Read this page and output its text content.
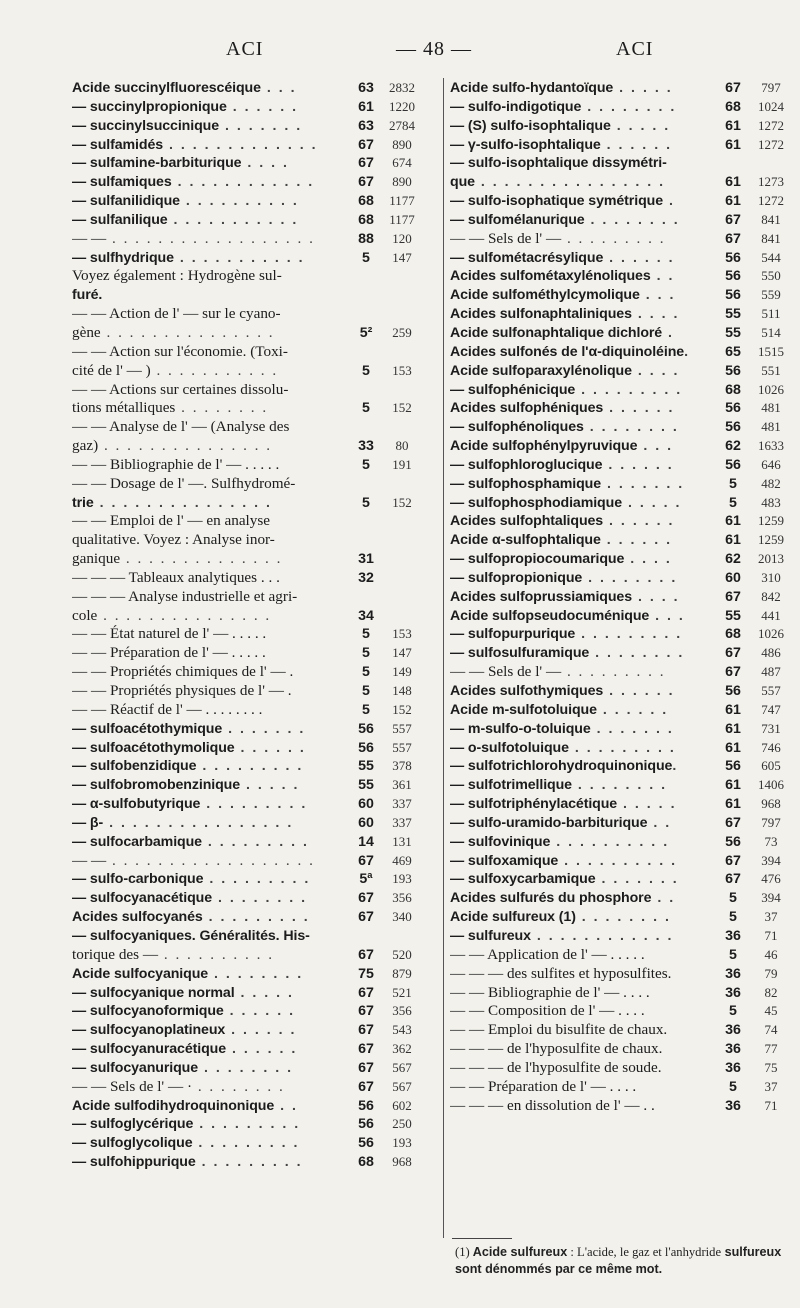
ACI	— 48 —	ACI
Acide succinylfluorescéique . . .	63	2832
— succinylpropionique . . . . . .	61	1220
— succinylsuccinique . . . . . . .	63	2784
— sulfamidés . . . . . . . . . . . . .	67	890
— sulfamine-barbiturique . . . .	67	674
— sulfamiques . . . . . . . . . . . .	67	890
— sulfanilidique . . . . . . . . . .	68	1177
— sulfanilique . . . . . . . . . . .	68	1177
— — . . . . . . . . . . . . . . . . . .	88	120
— sulfhydrique . . . . . . . . . . .	5	147
Voyez également : Hydrogène sul-
furé.
— — Action de l' — sur le cyano-
gène . . . . . . . . . . . . . . .	5²	259
— — Action sur l'économie. (Toxi-
cité de l' — ) . . . . . . . . . . .	5	153
— — Actions sur certaines dissolu-
tions métalliques . . . . . . . .	5	152
— — Analyse de l' — (Analyse des
gaz) . . . . . . . . . . . . . . .	33	80
— — Bibliographie de l' — . . . . .	5	191
— — Dosage de l' —. Sulfhydromé-
trie . . . . . . . . . . . . . . .	5	152
— — Emploi de l' — en analyse
qualitative. Voyez : Analyse inor-
ganique . . . . . . . . . . . . . .	31
— — — Tableaux analytiques . . .	32
— — — Analyse industrielle et agri-
cole . . . . . . . . . . . . . . .	34
— — État naturel de l' — . . . . .	5	153
— — Préparation de l' — . . . . .	5	147
— — Propriétés chimiques de l' — .	5	149
— — Propriétés physiques de l' — .	5	148
— — Réactif de l' — . . . . . . . .	5	152
— sulfoacétothymique . . . . . . .	56	557
— sulfoacétothymolique . . . . . .	56	557
— sulfobenzidique . . . . . . . . .	55	378
— sulfobromobenzinique . . . . .	55	361
— α-sulfobutyrique . . . . . . . . .	60	337
— β- . . . . . . . . . . . . . . . .	60	337
— sulfocarbamique . . . . . . . . .	14	131
— — . . . . . . . . . . . . . . . . . .	67	469
— sulfo-carbonique . . . . . . . . .	5ª	193
— sulfocyanacétique . . . . . . . .	67	356
Acides sulfocyanés . . . . . . . . .	67	340
— sulfocyaniques. Généralités. His-
torique des — . . . . . . . . . .	67	520
Acide sulfocyanique . . . . . . . .	75	879
— sulfocyanique normal . . . . .	67	521
— sulfocyanoformique . . . . . .	67	356
— sulfocyanoplatineux . . . . . .	67	543
— sulfocyanuracétique . . . . . .	67	362
— sulfocyanurique . . . . . . . .	67	567
— — Sels de l' — · . . . . . . . .	67	567
Acide sulfodihydroquinonique . .	56	602
— sulfoglycérique . . . . . . . . .	56	250
— sulfoglycolique . . . . . . . . .	56	193
— sulfohippurique . . . . . . . . .	68	968
Acide sulfo-hydantoïque . . . . .	67	797
— sulfo-indigotique . . . . . . . .	68	1024
— (S) sulfo-isophtalique . . . . .	61	1272
— γ-sulfo-isophtalique . . . . . .	61	1272
— sulfo-isophtalique dissymétri-
que . . . . . . . . . . . . . . . .	61	1273
— sulfo-isophatique symétrique .	61	1272
— sulfomélanurique . . . . . . . .	67	841
— — Sels de l' — . . . . . . . . .	67	841
— sulfométacrésylique . . . . . .	56	544
Acides sulfométaxylénoliques . .	56	550
Acide sulfométhylcymolique . . .	56	559
Acides sulfonaphtaliniques . . . .	55	511
Acide sulfonaphtalique dichloré .	55	514
Acides sulfonés de l'α-diquinoléine.	65	1515
Acide sulfoparaxylénolique . . . .	56	551
— sulfophénicique . . . . . . . . .	68	1026
Acides sulfophéniques . . . . . .	56	481
— sulfophénoliques . . . . . . . .	56	481
Acide sulfophénylpyruvique . . .	62	1633
— sulfophloroglucique . . . . . .	56	646
— sulfophosphamique . . . . . . .	5	482
— sulfophosphodiamique . . . . .	5	483
Acides sulfophtaliques . . . . . .	61	1259
Acide α-sulfophtalique . . . . . .	61	1259
— sulfopropiocoumarique . . . .	62	2013
— sulfopropionique . . . . . . . .	60	310
Acides sulfoprussiamiques . . . .	67	842
Acide sulfopseudocuménique . . .	55	441
— sulfopurpurique . . . . . . . . .	68	1026
— sulfosulfuramique . . . . . . . .	67	486
— — Sels de l' — . . . . . . . . .	67	487
Acides sulfothymiques . . . . . .	56	557
Acide m-sulfotoluique . . . . . .	61	747
— m-sulfo-o-toluique . . . . . . .	61	731
— o-sulfotoluique . . . . . . . . .	61	746
— sulfotrichlorohydroquinonique.	56	605
— sulfotrimellique . . . . . . . .	61	1406
— sulfotriphénylacétique . . . . .	61	968
— sulfo-uramido-barbiturique . .	67	797
— sulfovinique . . . . . . . . . .	56	73
— sulfoxamique . . . . . . . . . .	67	394
— sulfoxycarbamique . . . . . . .	67	476
Acides sulfurés du phosphore . .	5	394
Acide sulfureux (1) . . . . . . . .	5	37
— sulfureux . . . . . . . . . . . .	36	71
— — Application de l' — . . . . .	5	46
— — — des sulfites et hyposulfites.	36	79
— — Bibliographie de l' — . . . .	36	82
— — Composition de l' — . . . .	5	45
— — Emploi du bisulfite de chaux.	36	74
— — — de l'hyposulfite de chaux.	36	77
— — — de l'hyposulfite de soude.	36	75
— — Préparation de l' — . . . .	5	37
— — — en dissolution de l' — . .	36	71
(1) Acide sulfureux : L'acide, le gaz et l'anhydride sulfureux sont dénommés par ce même mot.
